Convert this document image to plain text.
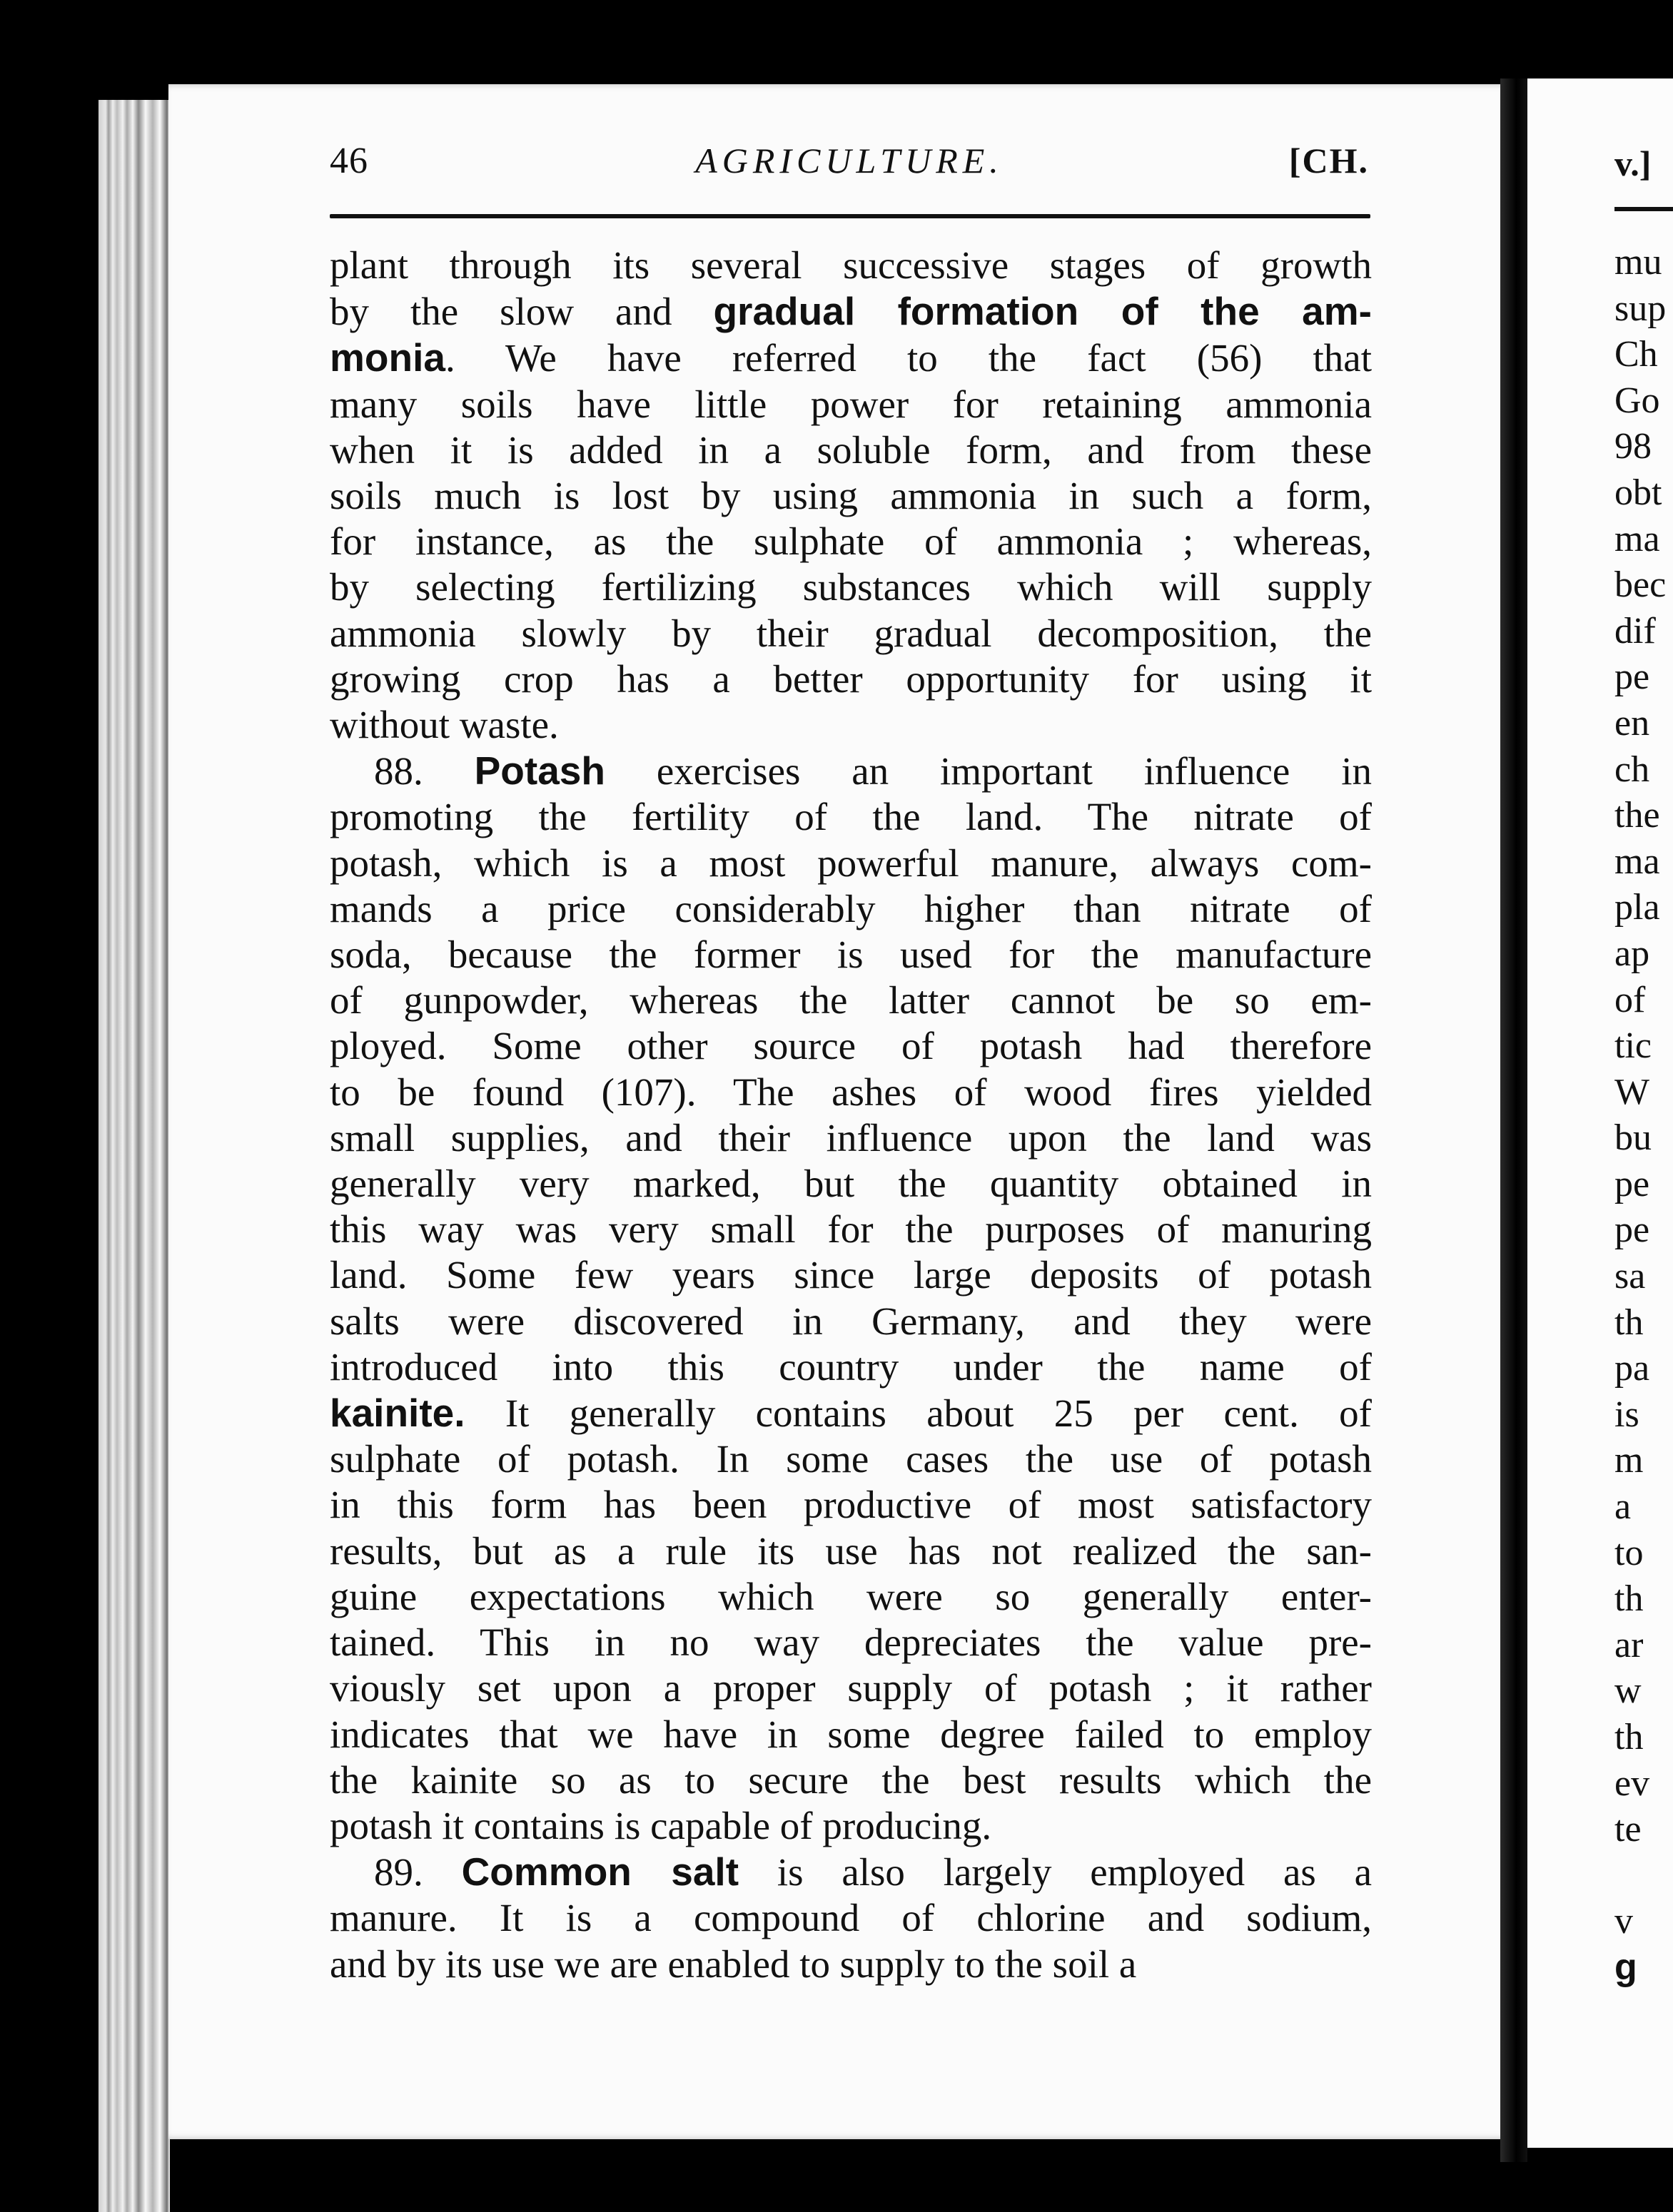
46	AGRICULTURE.	[CH.
plant through its several successive stages of growth
by the slow and gradual formation of the am-
monia. We have referred to the fact (56) that
many soils have little power for retaining ammonia
when it is added in a soluble form, and from these
soils much is lost by using ammonia in such a form,
for instance, as the sulphate of ammonia ; whereas,
by selecting fertilizing substances which will supply
ammonia slowly by their gradual decomposition, the
growing crop has a better opportunity for using it
without waste.
88. Potash exercises an important influence in
promoting the fertility of the land. The nitrate of
potash, which is a most powerful manure, always com-
mands a price considerably higher than nitrate of
soda, because the former is used for the manufacture
of gunpowder, whereas the latter cannot be so em-
ployed. Some other source of potash had therefore
to be found (107). The ashes of wood fires yielded
small supplies, and their influence upon the land was
generally very marked, but the quantity obtained in
this way was very small for the purposes of manuring
land. Some few years since large deposits of potash
salts were discovered in Germany, and they were
introduced into this country under the name of
kainite. It generally contains about 25 per cent. of
sulphate of potash. In some cases the use of potash
in this form has been productive of most satisfactory
results, but as a rule its use has not realized the san-
guine expectations which were so generally enter-
tained. This in no way depreciates the value pre-
viously set upon a proper supply of potash ; it rather
indicates that we have in some degree failed to employ
the kainite so as to secure the best results which the
potash it contains is capable of producing.
89. Common salt is also largely employed as a
manure. It is a compound of chlorine and sodium,
and by its use we are enabled to supply to the soil a
v.]
mu
sup
Ch
Go
98
obt
ma
bec
dif
pe
en
ch
the
ma
pla
ap
of
tic
W
bu
pe
pe
sa
th
pa
is
m
a
to
th
ar
w
th
ev
te
v
g
